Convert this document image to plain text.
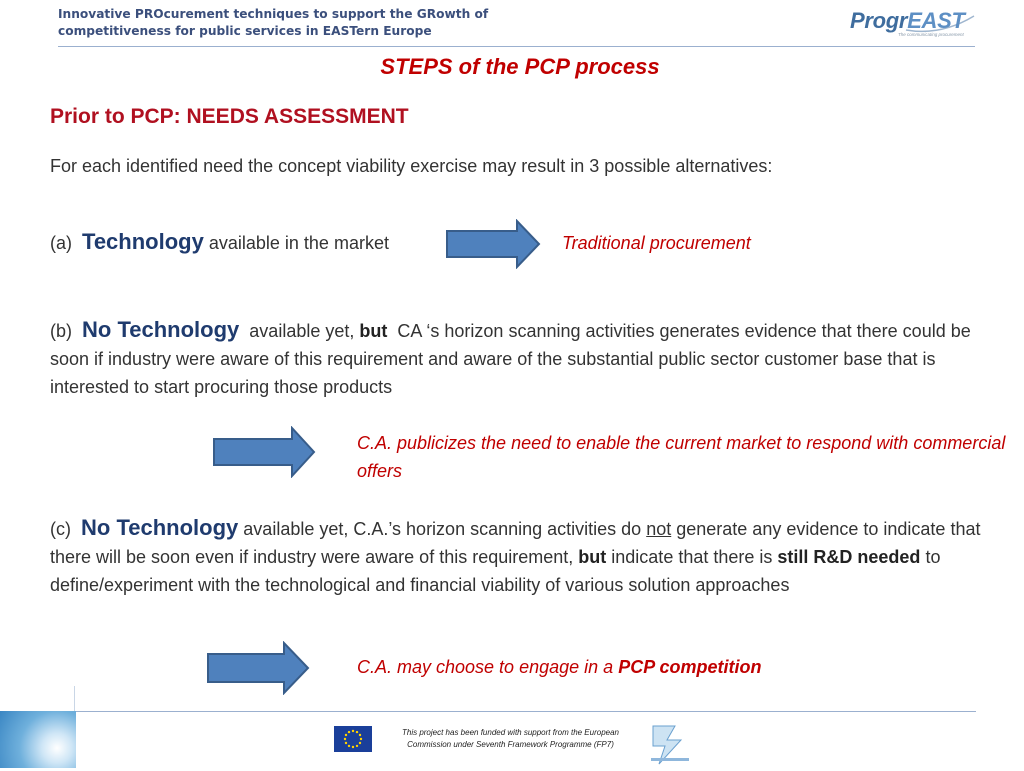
Innovative PROcurement techniques to support the GRowth of
competitiveness for public services in EASTern Europe	ProgrEAST
The communicating procurement
STEPS of the PCP process
Prior to PCP: NEEDS ASSESSMENT
For each identified need the concept viability exercise may result in 3 possible alternatives:
(a) Technology available in the market	Traditional procurement
(b) No Technology available yet, but CA ‘s horizon scanning activities generates evidence that there could be soon if industry were aware of this requirement and aware of the substantial public sector customer base that is interested to start procuring those products
C.A. publicizes the need to enable the current market to respond with commercial offers
(c) No Technology available yet, C.A.’s horizon scanning activities do not generate any evidence to indicate that there will be soon even if industry were aware of this requirement, but indicate that there is still R&D needed to define/experiment with the technological and financial viability of various solution approaches
C.A. may choose to engage in a PCP competition
This project has been funded with support from the European
Commission under Seventh Framework Programme (FP7)
